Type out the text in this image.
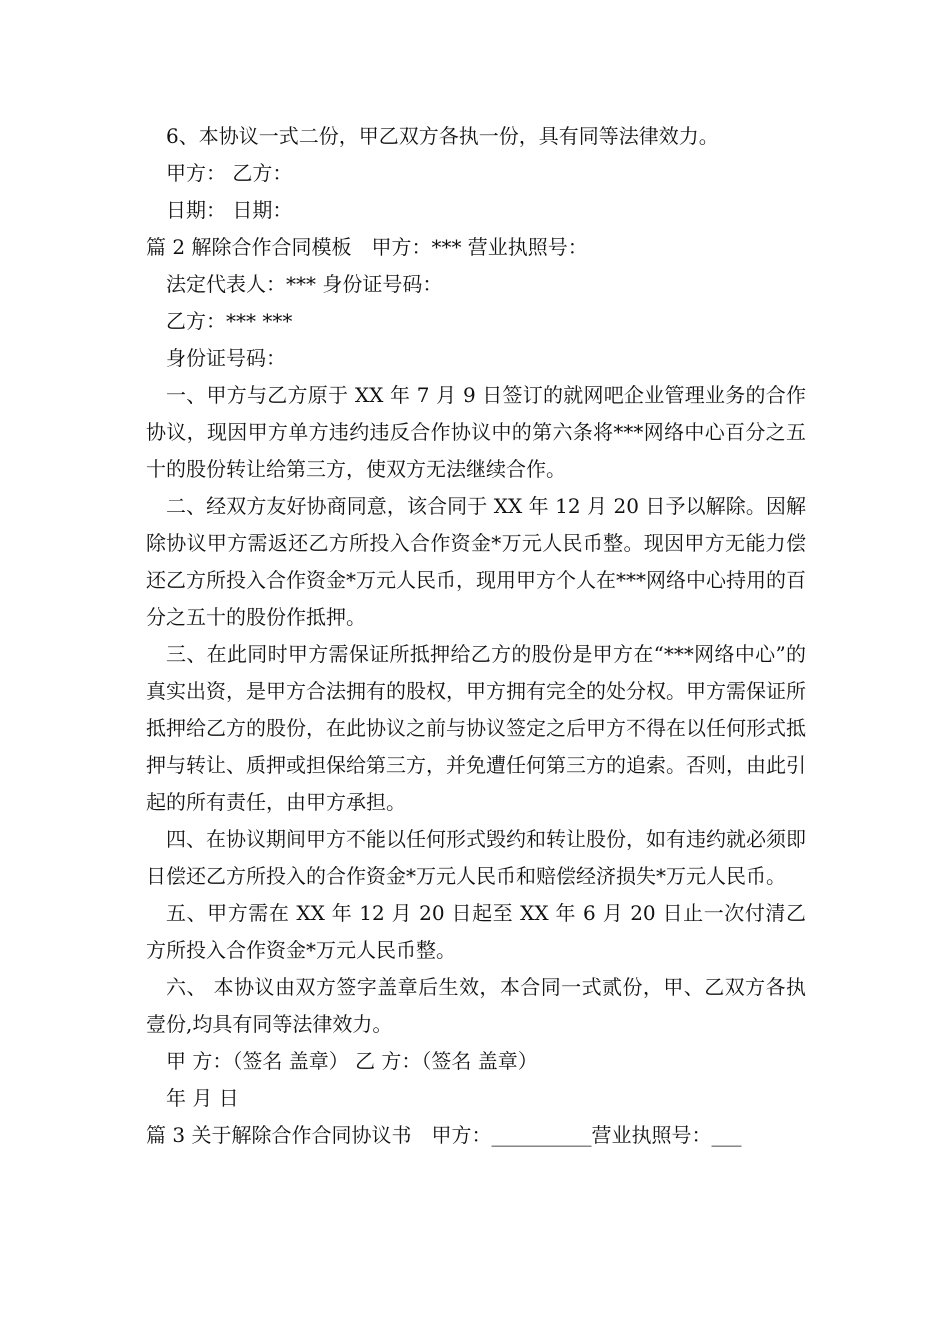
6、本协议一式二份，甲乙双方各执一份，具有同等法律效力。

甲方： 乙方：

日期： 日期：

篇 2 解除合作合同模板　甲方：*** 营业执照号：

法定代表人：*** 身份证号码：

乙方：*** ***

身份证号码：

一、甲方与乙方原于 XX 年 7 月 9 日签订的就网吧企业管理业务的合作协议，现因甲方单方违约违反合作协议中的第六条将***网络中心百分之五十的股份转让给第三方，使双方无法继续合作。

二、经双方友好协商同意，该合同于 XX 年 12 月 20 日予以解除。因解除协议甲方需返还乙方所投入合作资金*万元人民币整。现因甲方无能力偿还乙方所投入合作资金*万元人民币，现用甲方个人在***网络中心持用的百分之五十的股份作抵押。

三、在此同时甲方需保证所抵押给乙方的股份是甲方在“***网络中心”的真实出资，是甲方合法拥有的股权，甲方拥有完全的处分权。甲方需保证所抵押给乙方的股份，在此协议之前与协议签定之后甲方不得在以任何形式抵押与转让、质押或担保给第三方，并免遭任何第三方的追索。否则，由此引起的所有责任，由甲方承担。

四、在协议期间甲方不能以任何形式毁约和转让股份，如有违约就必须即日偿还乙方所投入的合作资金*万元人民币和赔偿经济损失*万元人民币。

五、甲方需在 XX 年 12 月 20 日起至 XX 年 6 月 20 日止一次付清乙方所投入合作资金*万元人民币整。

六、 本协议由双方签字盖章后生效，本合同一式贰份，甲、乙双方各执壹份,均具有同等法律效力。

甲 方：（签名 盖章） 乙 方：（签名 盖章）

年 月 日

篇 3 关于解除合作合同协议书　甲方：__________营业执照号：___
